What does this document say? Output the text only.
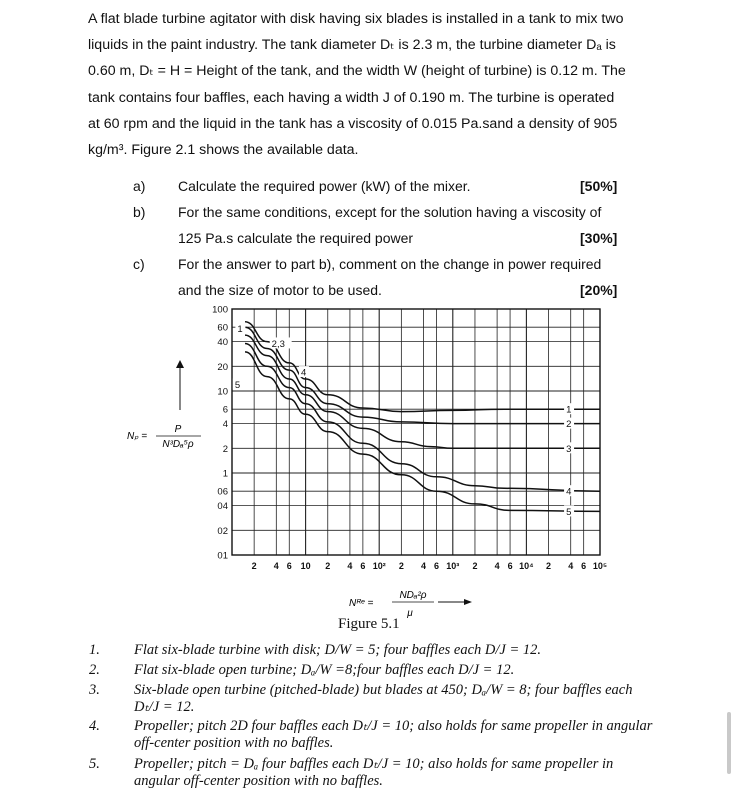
A flat blade turbine agitator with disk having six blades is installed in a tank to mix two
liquids in the paint industry. The tank diameter Dₜ is 2.3 m, the turbine diameter Dₐ is
0.60 m, Dₜ = H = Height of the tank, and the width W (height of turbine) is 0.12 m. The
tank contains four baffles, each having a width J of 0.190 m. The turbine is operated
at 60 rpm and the liquid in the tank has a viscosity of 0.015 Pa.sand a density of 905
kg/m³. Figure 2.1 shows the available data.
a) Calculate the required power (kW) of the mixer.	[50%]
b) For the same conditions, except for the solution having a viscosity of
125 Pa.s calculate the required power	[30%]
c) For the answer to part b), comment on the change in power required
and the size of motor to be used.	[20%]
100
60
40
20
10
6
4
2
1
06
04
02
01
2 4 6 10 2 4 6 10² 2 4 6 10³ 2 4 6 10⁴ 2 4 6 10⁵
1
2,3
4
5
1
2
3
4
5
Nₚ =
P
N³Dₐ⁵ρ
Nᴿᵉ =
NDₐ²ρ
μ
Figure 5.1
1. Flat six-blade turbine with disk; D/W = 5; four baffles each D/J = 12.
2. Flat six-blade open turbine; Dₐ/W =8;four baffles each D/J = 12.
3. Six-blade open turbine (pitched-blade) but blades at 450; Dₐ/W = 8; four baffles each Dₜ/J = 12.
4. Propeller; pitch 2D four baffles each Dₜ/J = 10; also holds for same propeller in angular off-center position with no baffles.
5. Propeller; pitch = Dₐ four baffles each Dₜ/J = 10; also holds for same propeller in angular off-center position with no baffles.
